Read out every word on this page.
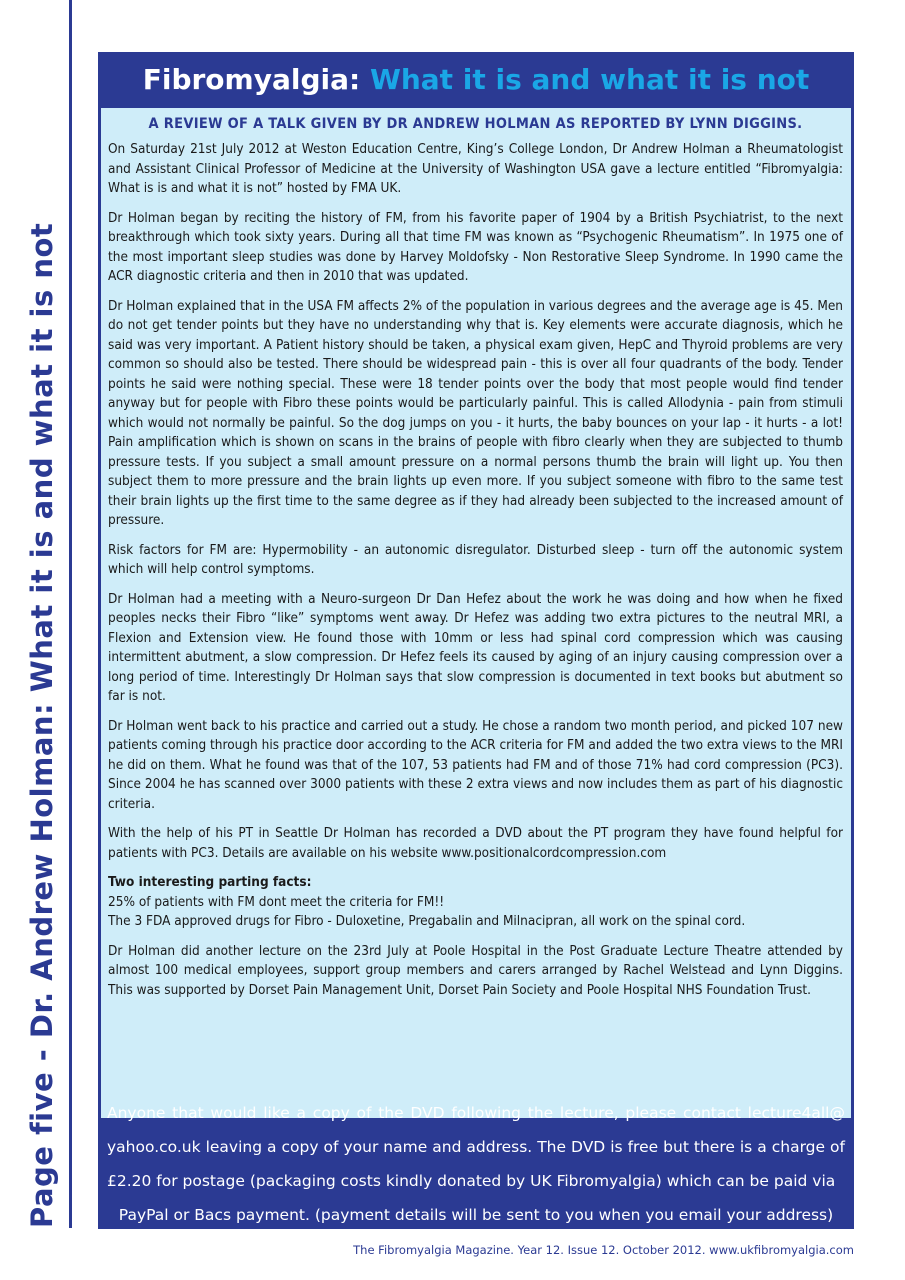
Page five - Dr. Andrew Holman: What it is and what it is not
Fibromyalgia: What it is and what it is not
A REVIEW OF A TALK GIVEN BY DR ANDREW HOLMAN AS REPORTED BY LYNN DIGGINS.

On Saturday 21st July 2012 at Weston Education Centre, King’s College London, Dr Andrew Holman a Rheumatologist and Assistant Clinical Professor of Medicine at the University of Washington USA gave a lecture entitled “Fibromyalgia: What is is and what it is not” hosted by FMA UK.

Dr Holman began by reciting the history of FM, from his favorite paper of 1904 by a British Psychiatrist, to the next breakthrough which took sixty years. During all that time FM was known as “Psychogenic Rheumatism”. In 1975 one of the most important sleep studies was done by Harvey Moldofsky - Non Restorative Sleep Syndrome. In 1990 came the ACR diagnostic criteria and then in 2010 that was updated.

Dr Holman explained that in the USA FM affects 2% of the population in various degrees and the average age is 45. Men do not get tender points but they have no understanding why that is. Key elements were accurate diagnosis, which he said was very important. A Patient history should be taken, a physical exam given, HepC and Thyroid problems are very common so should also be tested. There should be widespread pain - this is over all four quadrants of the body. Tender points he said were nothing special. These were 18 tender points over the body that most people would find tender anyway but for people with Fibro these points would be particularly painful. This is called Allodynia - pain from stimuli which would not normally be painful. So the dog jumps on you - it hurts, the baby bounces on your lap - it hurts - a lot! Pain amplification which is shown on scans in the brains of people with fibro clearly when they are subjected to thumb pressure tests. If you subject a small amount pressure on a normal persons thumb the brain will light up. You then subject them to more pressure and the brain lights up even more. If you subject someone with fibro to the same test their brain lights up the first time to the same degree as if they had already been subjected to the increased amount of pressure.

Risk factors for FM are: Hypermobility - an autonomic disregulator. Disturbed sleep - turn off the autonomic system which will help control symptoms.

Dr Holman had a meeting with a Neuro-surgeon Dr Dan Hefez about the work he was doing and how when he fixed peoples necks their Fibro “like” symptoms went away. Dr Hefez was adding two extra pictures to the neutral MRI, a Flexion and Extension view. He found those with 10mm or less had spinal cord compression which was causing intermittent abutment, a slow compression. Dr Hefez feels its caused by aging of an injury causing compression over a long period of time. Interestingly Dr Holman says that slow compression is documented in text books but abutment so far is not.

Dr Holman went back to his practice and carried out a study. He chose a random two month period, and picked 107 new patients coming through his practice door according to the ACR criteria for FM and added the two extra views to the MRI he did on them. What he found was that of the 107, 53 patients had FM and of those 71% had cord compression (PC3). Since 2004 he has scanned over 3000 patients with these 2 extra views and now includes them as part of his diagnostic criteria.

With the help of his PT in Seattle Dr Holman has recorded a DVD about the PT program they have found helpful for patients with PC3. Details are available on his website www.positionalcordcompression.com

Two interesting parting facts:
25% of patients with FM dont meet the criteria for FM!!
The 3 FDA approved drugs for Fibro - Duloxetine, Pregabalin and Milnacipran, all work on the spinal cord.

Dr Holman did another lecture on the 23rd July at Poole Hospital in the Post Graduate Lecture Theatre attended by almost 100 medical employees, support group members and carers arranged by Rachel Welstead and Lynn Diggins. This was supported by Dorset Pain Management Unit, Dorset Pain Society and Poole Hospital NHS Foundation Trust.

Anyone that would like a copy of the DVD following the lecture, please contact lecture4all@ yahoo.co.uk leaving a copy of your name and address. The DVD is free but there is a charge of £2.20 for postage (packaging costs kindly donated by UK Fibromyalgia) which can be paid via
PayPal or Bacs payment. (payment details will be sent to you when you email your address)
The Fibromyalgia Magazine. Year 12. Issue 12. October 2012. www.ukfibromyalgia.com
